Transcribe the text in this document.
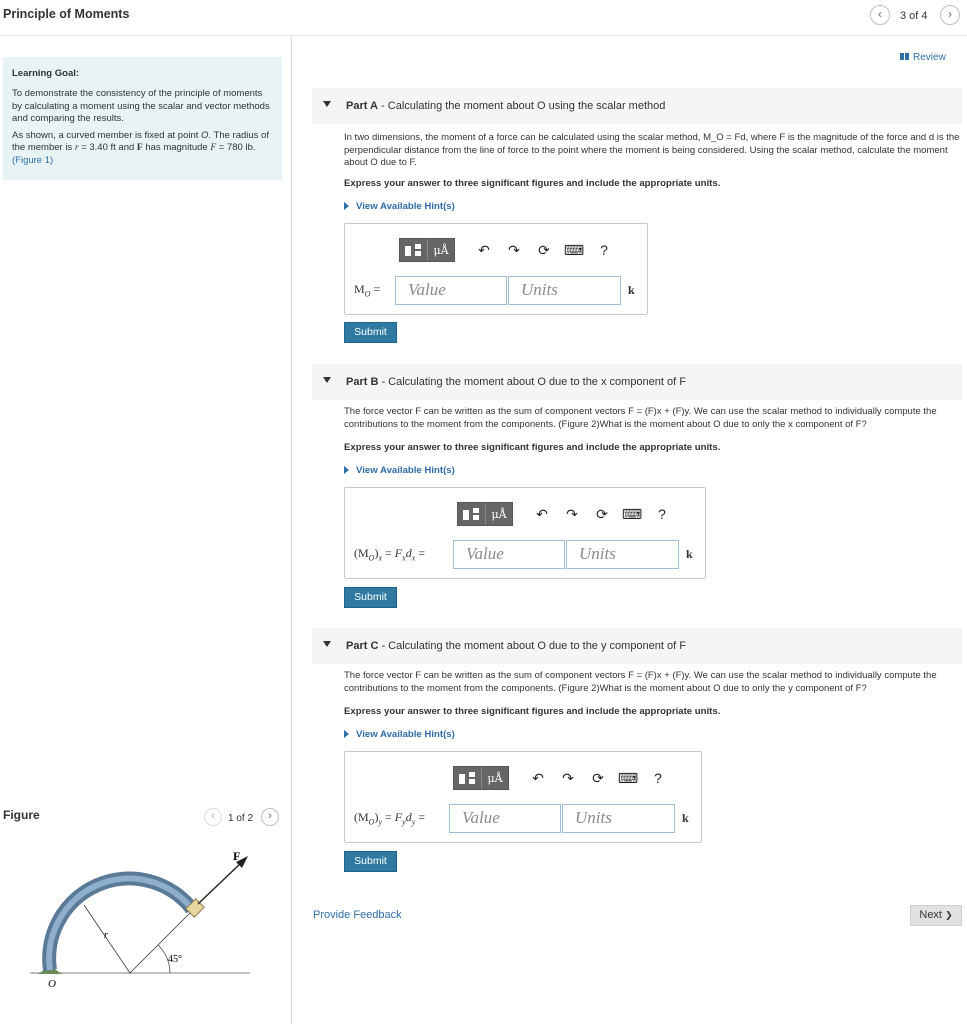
Principle of Moments	‹	3 of 4	›
Learning Goal:

To demonstrate the consistency of the principle of moments by calculating a moment using the scalar and vector methods and comparing the results.

As shown, a curved member is fixed at point O. The radius of the member is r = 3.40 ft and F has magnitude F = 780 lb.(Figure 1)

Figure	‹	1 of 2	›
F
r
45°
O
Review
Part A - Calculating the moment about O using the scalar method

In two dimensions, the moment of a force can be calculated using the scalar method, M_O = Fd, where F is the magnitude of the force and d is the perpendicular distance from the line of force to the point where the moment is being considered. Using the scalar method, calculate the moment about O due to F.

Express your answer to three significant figures and include the appropriate units.
View Available Hint(s)
μÅ ↶ ↷ ⟳ ⌨ ?
$M_O$ =	Value	Units	k
Submit
Part B - Calculating the moment about O due to the x component of F

The force vector F can be written as the sum of component vectors F = (F)x + (F)y. We can use the scalar method to individually compute the contributions to the moment from the components. (Figure 2)What is the moment about O due to only the x component of F?

Express your answer to three significant figures and include the appropriate units.
View Available Hint(s)
μÅ ↶ ↷ ⟳ ⌨ ?
$(M_O)_x = F_xd_x$ =	Value	Units	k
Submit
Part C - Calculating the moment about O due to the y component of F

The force vector F can be written as the sum of component vectors F = (F)x + (F)y. We can use the scalar method to individually compute the contributions to the moment from the components. (Figure 2)What is the moment about O due to only the y component of F?

Express your answer to three significant figures and include the appropriate units.
View Available Hint(s)
μÅ ↶ ↷ ⟳ ⌨ ?
$(M_O)_y = F_yd_y$ =	Value	Units	k
Submit
Provide Feedback	Next ❯
